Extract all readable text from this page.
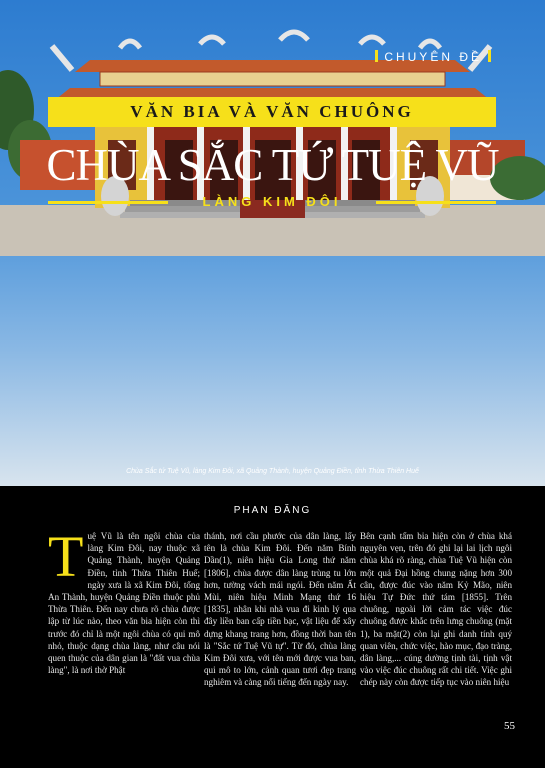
CHUYÊN ĐỀ
VĂN BIA VÀ VĂN CHUÔNG
CHÙA SẮC TỨ TUỆ VŨ
LÀNG KIM ĐÔI
Chùa Sắc tứ Tuệ Vũ, làng Kim Đôi, xã Quảng Thành, huyện Quảng Điền, tỉnh Thừa Thiên Huế
PHAN ĐĂNG
T uệ Vũ là tên ngôi chùa của làng Kim Đôi, nay thuộc xã Quảng Thành, huyện Quảng Điền, tỉnh Thừa Thiên Huế; ngày xưa là xã Kim Đôi, tổng An Thành, huyện Quảng Điền thuộc phủ Thừa Thiên. Đến nay chưa rõ chùa được lập từ lúc nào, theo văn bia hiện còn thì trước đó chỉ là một ngôi chùa có qui mô nhỏ, thuộc dạng chùa làng, như câu nói quen thuộc của dân gian là "đất vua chùa làng", là nơi thờ Phật

thánh, nơi cầu phước của dân làng, lấy tên là chùa Kim Đôi. Đến năm Bính Dần(1), niên hiệu Gia Long thứ năm [1806], chùa được dân làng trùng tu lớn hơn, tường vách mái ngói. Đến năm Ất Mùi, niên hiệu Minh Mạng thứ 16 [1835], nhân khi nhà vua đi kinh lý qua đây liền ban cấp tiền bạc, vật liệu để xây dựng khang trang hơn, đồng thời ban tên là "Sắc tứ Tuệ Vũ tự". Từ đó, chùa làng Kim Đôi xưa, với tên mới được vua ban, qui mô to lớn, cảnh quan tươi đẹp trang nghiêm và càng nổi tiếng đến ngày nay.

Bên cạnh tấm bia hiện còn ở chùa khá nguyên vẹn, trên đó ghi lại lai lịch ngôi chùa khá rõ ràng, chùa Tuệ Vũ hiện còn một quả Đại hồng chung nặng hơn 300 cân, được đúc vào năm Kỷ Mão, niên hiệu Tự Đức thứ tám [1855]. Trên chuông, ngoài lời cảm tác việc đúc chuông được khắc trên lưng chuông (mặt 1), ba mặt(2) còn lại ghi danh tính quý quan viên, chức việc, hào mục, đạo tràng, dân làng,... cúng dường tịnh tài, tịnh vật vào việc đúc chuông rất chi tiết. Việc ghi chép này còn được tiếp tục vào niên hiệu

55
